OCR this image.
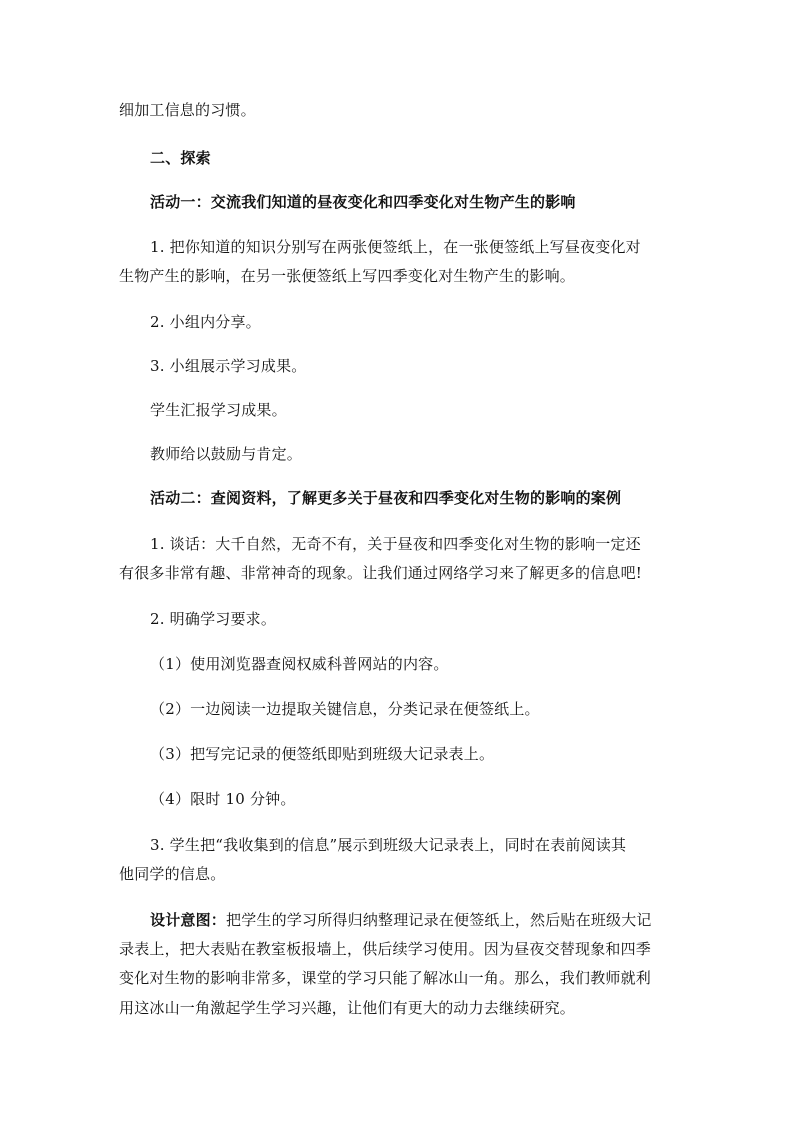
细加工信息的习惯。
二、探索
活动一：交流我们知道的昼夜变化和四季变化对生物产生的影响
1. 把你知道的知识分别写在两张便签纸上，在一张便签纸上写昼夜变化对
生物产生的影响，在另一张便签纸上写四季变化对生物产生的影响。
2. 小组内分享。
3. 小组展示学习成果。
学生汇报学习成果。
教师给以鼓励与肯定。
活动二：查阅资料，了解更多关于昼夜和四季变化对生物的影响的案例
1. 谈话：大千自然，无奇不有，关于昼夜和四季变化对生物的影响一定还
有很多非常有趣、非常神奇的现象。让我们通过网络学习来了解更多的信息吧!
2. 明确学习要求。
（1）使用浏览器查阅权威科普网站的内容。
（2）一边阅读一边提取关键信息，分类记录在便签纸上。
（3）把写完记录的便签纸即贴到班级大记录表上。
（4）限时 10 分钟。
3. 学生把“我收集到的信息”展示到班级大记录表上，同时在表前阅读其
他同学的信息。
设计意图：把学生的学习所得归纳整理记录在便签纸上，然后贴在班级大记
录表上，把大表贴在教室板报墙上，供后续学习使用。因为昼夜交替现象和四季
变化对生物的影响非常多，课堂的学习只能了解冰山一角。那么，我们教师就利
用这冰山一角激起学生学习兴趣，让他们有更大的动力去继续研究。
